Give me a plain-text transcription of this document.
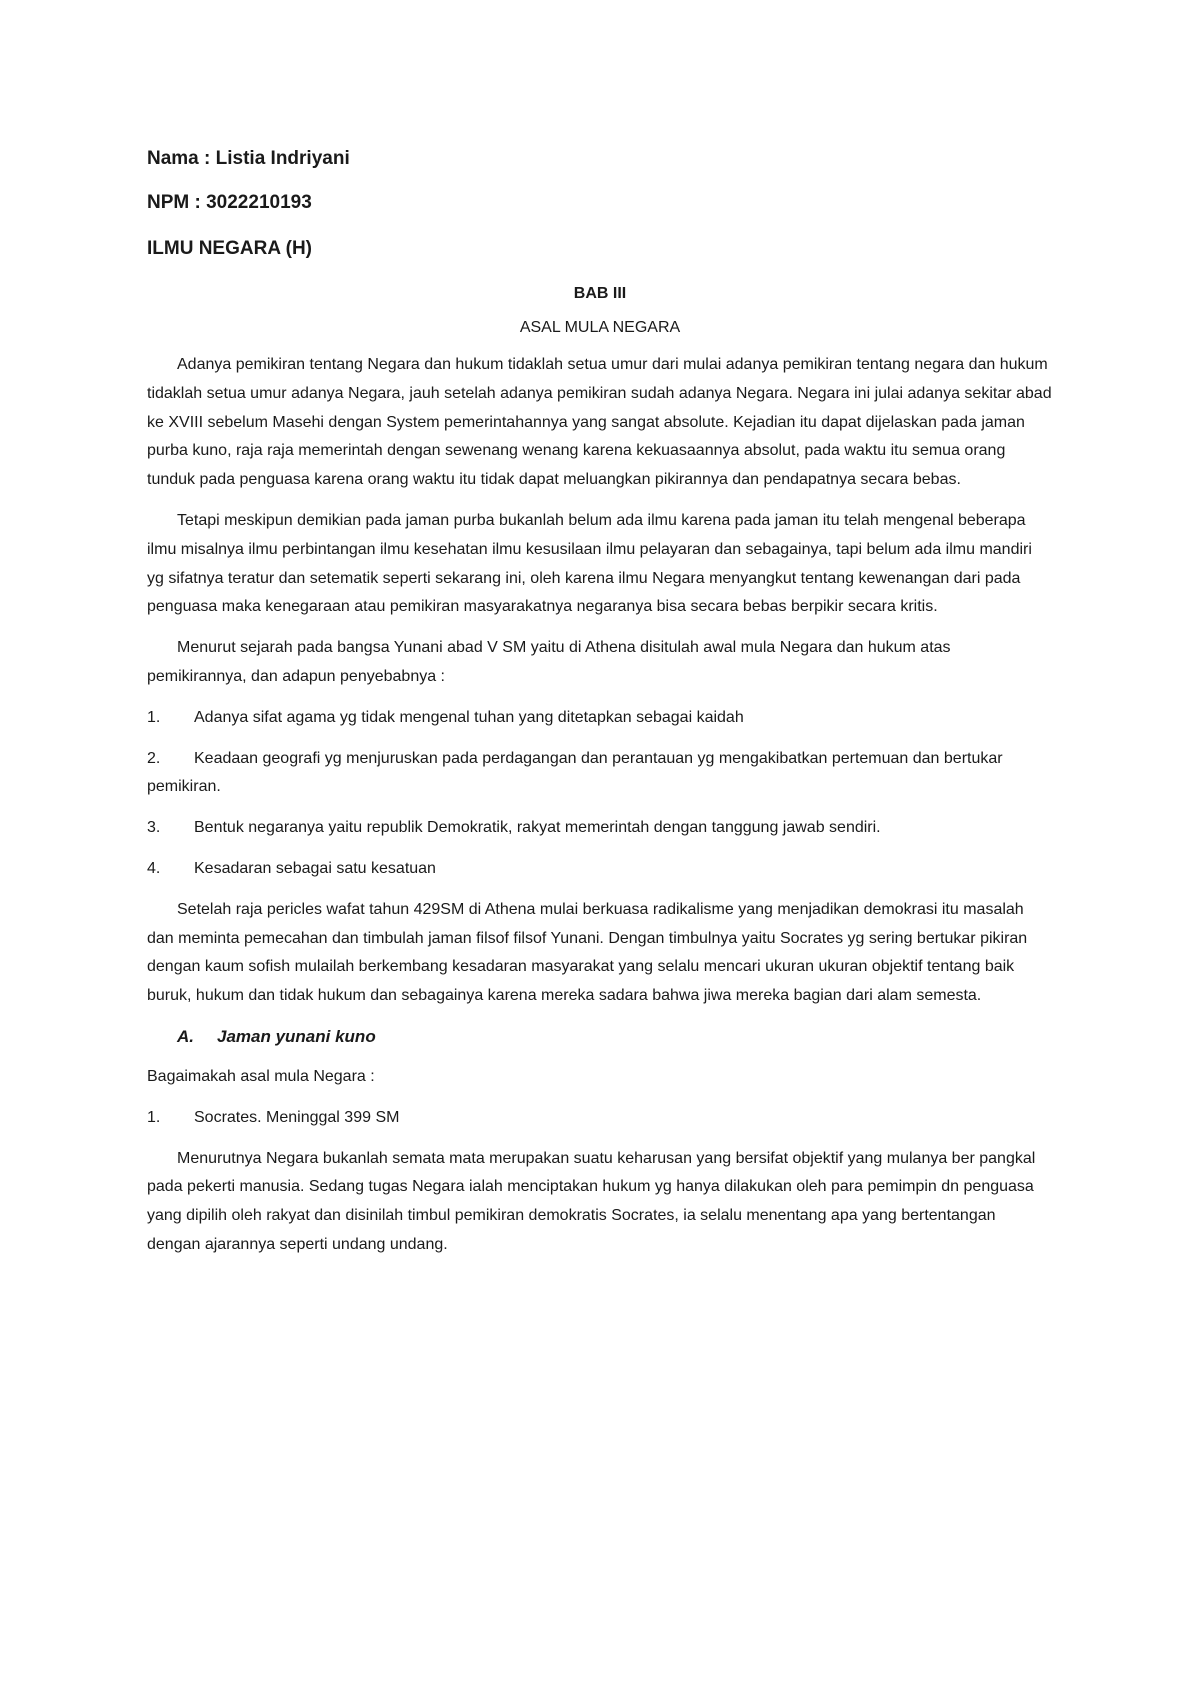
Nama : Listia Indriyani

NPM : 3022210193

ILMU NEGARA (H)

BAB III

ASAL MULA NEGARA

Adanya pemikiran tentang Negara dan hukum tidaklah setua umur dari mulai adanya pemikiran tentang negara dan hukum tidaklah setua umur adanya Negara, jauh setelah adanya pemikiran sudah adanya Negara. Negara ini julai adanya sekitar abad ke XVIII sebelum Masehi dengan System pemerintahannya yang sangat absolute. Kejadian itu dapat dijelaskan pada jaman purba kuno, raja raja memerintah dengan sewenang wenang karena kekuasaannya absolut, pada waktu itu semua orang tunduk pada penguasa karena orang waktu itu tidak dapat meluangkan pikirannya dan pendapatnya secara bebas.

Tetapi meskipun demikian pada jaman purba bukanlah belum ada ilmu karena pada jaman itu telah mengenal beberapa ilmu misalnya ilmu perbintangan ilmu kesehatan ilmu kesusilaan ilmu pelayaran dan sebagainya, tapi belum ada ilmu mandiri yg sifatnya teratur dan setematik seperti sekarang ini, oleh karena ilmu Negara menyangkut tentang kewenangan dari pada penguasa maka kenegaraan atau pemikiran masyarakatnya negaranya bisa secara bebas berpikir secara kritis.

Menurut sejarah pada bangsa Yunani abad V SM yaitu di Athena disitulah awal mula Negara dan hukum atas pemikirannya, dan adapun penyebabnya :

1. Adanya sifat agama yg tidak mengenal tuhan yang ditetapkan sebagai kaidah
2. Keadaan geografi yg menjuruskan pada perdagangan dan perantauan yg mengakibatkan pertemuan dan bertukar pemikiran.
3. Bentuk negaranya yaitu republik Demokratik, rakyat memerintah dengan tanggung jawab sendiri.
4. Kesadaran sebagai satu kesatuan

Setelah raja pericles wafat tahun 429SM di Athena mulai berkuasa radikalisme yang menjadikan demokrasi itu masalah dan meminta pemecahan dan timbulah jaman filsof filsof Yunani. Dengan timbulnya yaitu Socrates yg sering bertukar pikiran dengan kaum sofish mulailah berkembang kesadaran masyarakat yang selalu mencari ukuran ukuran objektif tentang baik buruk, hukum dan tidak hukum dan sebagainya karena mereka sadara bahwa jiwa mereka bagian dari alam semesta.

A. Jaman yunani kuno

Bagaimakah asal mula Negara :

1. Socrates. Meninggal 399 SM

Menurutnya Negara bukanlah semata mata merupakan suatu keharusan yang bersifat objektif yang mulanya ber pangkal pada pekerti manusia. Sedang tugas Negara ialah menciptakan hukum yg hanya dilakukan oleh para pemimpin dn penguasa yang dipilih oleh rakyat dan disinilah timbul pemikiran demokratis Socrates, ia selalu menentang apa yang bertentangan dengan ajarannya seperti undang undang.
